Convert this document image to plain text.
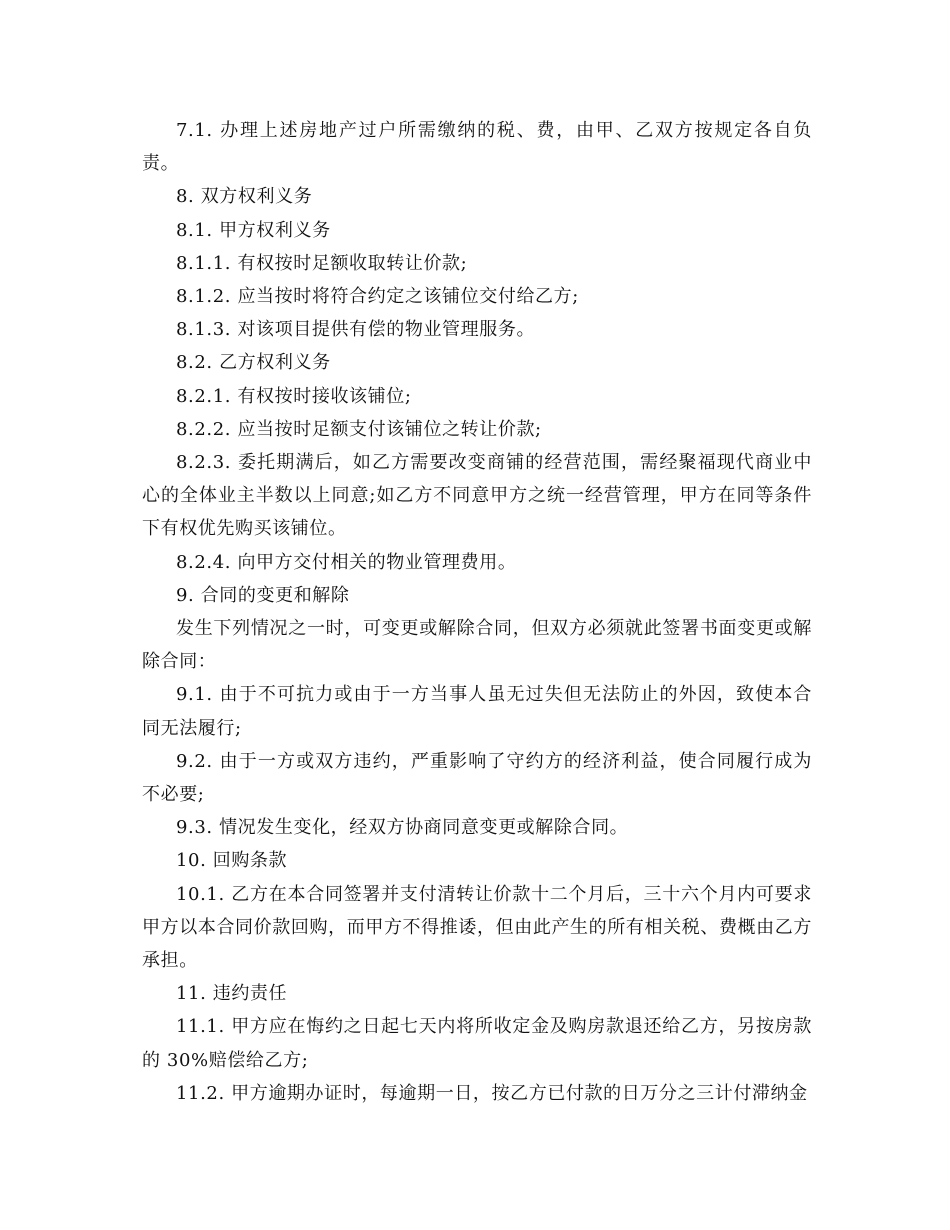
7.1. 办理上述房地产过户所需缴纳的税、费，由甲、乙双方按规定各自负责。

8. 双方权利义务

8.1. 甲方权利义务

8.1.1. 有权按时足额收取转让价款;

8.1.2. 应当按时将符合约定之该铺位交付给乙方;

8.1.3. 对该项目提供有偿的物业管理服务。

8.2. 乙方权利义务

8.2.1. 有权按时接收该铺位;

8.2.2. 应当按时足额支付该铺位之转让价款;

8.2.3. 委托期满后，如乙方需要改变商铺的经营范围，需经聚福现代商业中心的全体业主半数以上同意;如乙方不同意甲方之统一经营管理，甲方在同等条件下有权优先购买该铺位。

8.2.4. 向甲方交付相关的物业管理费用。

9. 合同的变更和解除

发生下列情况之一时，可变更或解除合同，但双方必须就此签署书面变更或解除合同：

9.1. 由于不可抗力或由于一方当事人虽无过失但无法防止的外因，致使本合同无法履行;

9.2. 由于一方或双方违约，严重影响了守约方的经济利益，使合同履行成为不必要;

9.3. 情况发生变化，经双方协商同意变更或解除合同。

10. 回购条款

10.1. 乙方在本合同签署并支付清转让价款十二个月后，三十六个月内可要求甲方以本合同价款回购，而甲方不得推诿，但由此产生的所有相关税、费概由乙方承担。

11. 违约责任

11.1. 甲方应在悔约之日起七天内将所收定金及购房款退还给乙方，另按房款的 30%赔偿给乙方;

11.2. 甲方逾期办证时，每逾期一日，按乙方已付款的日万分之三计付滞纳金
